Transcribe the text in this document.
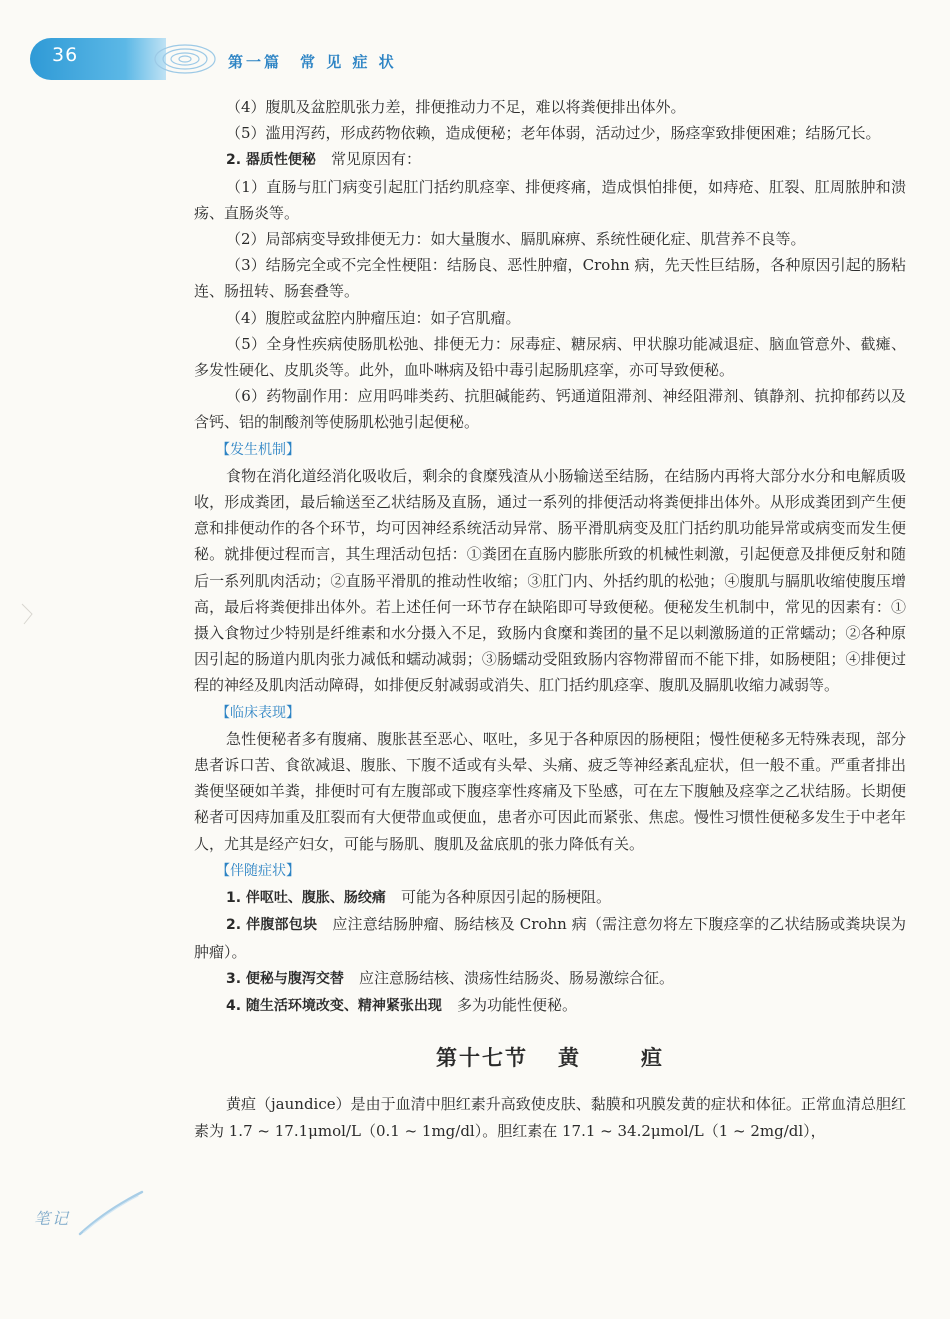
36	第一篇　常 见 症 状

（4）腹肌及盆腔肌张力差，排便推动力不足，难以将粪便排出体外。

（5）滥用泻药，形成药物依赖，造成便秘；老年体弱，活动过少，肠痉挛致排便困难；结肠冗长。

2. 器质性便秘　 常见原因有：

（1）直肠与肛门病变引起肛门括约肌痉挛、排便疼痛，造成惧怕排便，如痔疮、肛裂、肛周脓肿和溃疡、直肠炎等。

（2）局部病变导致排便无力：如大量腹水、膈肌麻痹、系统性硬化症、肌营养不良等。

（3）结肠完全或不完全性梗阻：结肠良、恶性肿瘤，Crohn 病，先天性巨结肠，各种原因引起的肠粘连、肠扭转、肠套叠等。

（4）腹腔或盆腔内肿瘤压迫：如子宫肌瘤。

（5）全身性疾病使肠肌松弛、排便无力：尿毒症、糖尿病、甲状腺功能减退症、脑血管意外、截瘫、多发性硬化、皮肌炎等。此外，血卟啉病及铅中毒引起肠肌痉挛，亦可导致便秘。

（6）药物副作用：应用吗啡类药、抗胆碱能药、钙通道阻滞剂、神经阻滞剂、镇静剂、抗抑郁药以及含钙、铝的制酸剂等使肠肌松弛引起便秘。

【发生机制】

食物在消化道经消化吸收后，剩余的食糜残渣从小肠输送至结肠，在结肠内再将大部分水分和电解质吸收，形成粪团，最后输送至乙状结肠及直肠，通过一系列的排便活动将粪便排出体外。从形成粪团到产生便意和排便动作的各个环节，均可因神经系统活动异常、肠平滑肌病变及肛门括约肌功能异常或病变而发生便秘。就排便过程而言，其生理活动包括：①粪团在直肠内膨胀所致的机械性刺激，引起便意及排便反射和随后一系列肌肉活动；②直肠平滑肌的推动性收缩；③肛门内、外括约肌的松弛；④腹肌与膈肌收缩使腹压增高，最后将粪便排出体外。若上述任何一环节存在缺陷即可导致便秘。便秘发生机制中，常见的因素有：①摄入食物过少特别是纤维素和水分摄入不足，致肠内食糜和粪团的量不足以刺激肠道的正常蠕动；②各种原因引起的肠道内肌肉张力减低和蠕动减弱；③肠蠕动受阻致肠内容物滞留而不能下排，如肠梗阻；④排便过程的神经及肌肉活动障碍，如排便反射减弱或消失、肛门括约肌痉挛、腹肌及膈肌收缩力减弱等。

【临床表现】

急性便秘者多有腹痛、腹胀甚至恶心、呕吐，多见于各种原因的肠梗阻；慢性便秘多无特殊表现，部分患者诉口苦、食欲减退、腹胀、下腹不适或有头晕、头痛、疲乏等神经紊乱症状，但一般不重。严重者排出粪便坚硬如羊粪，排便时可有左腹部或下腹痉挛性疼痛及下坠感，可在左下腹触及痉挛之乙状结肠。长期便秘者可因痔加重及肛裂而有大便带血或便血，患者亦可因此而紧张、焦虑。慢性习惯性便秘多发生于中老年人，尤其是经产妇女，可能与肠肌、腹肌及盆底肌的张力降低有关。

【伴随症状】

1. 伴呕吐、腹胀、肠绞痛　 可能为各种原因引起的肠梗阻。

2. 伴腹部包块　 应注意结肠肿瘤、肠结核及 Crohn 病（需注意勿将左下腹痉挛的乙状结肠或粪块误为肿瘤）。

3. 便秘与腹泻交替　 应注意肠结核、溃疡性结肠炎、肠易激综合征。

4. 随生活环境改变、精神紧张出现　 多为功能性便秘。

第十七节 黄	疸

黄疸（jaundice）是由于血清中胆红素升高致使皮肤、黏膜和巩膜发黄的症状和体征。正常血清总胆红素为 1.7 ~ 17.1μmol/L（0.1 ~ 1mg/dl）。胆红素在 17.1 ~ 34.2μmol/L（1 ~ 2mg/dl），

笔记
